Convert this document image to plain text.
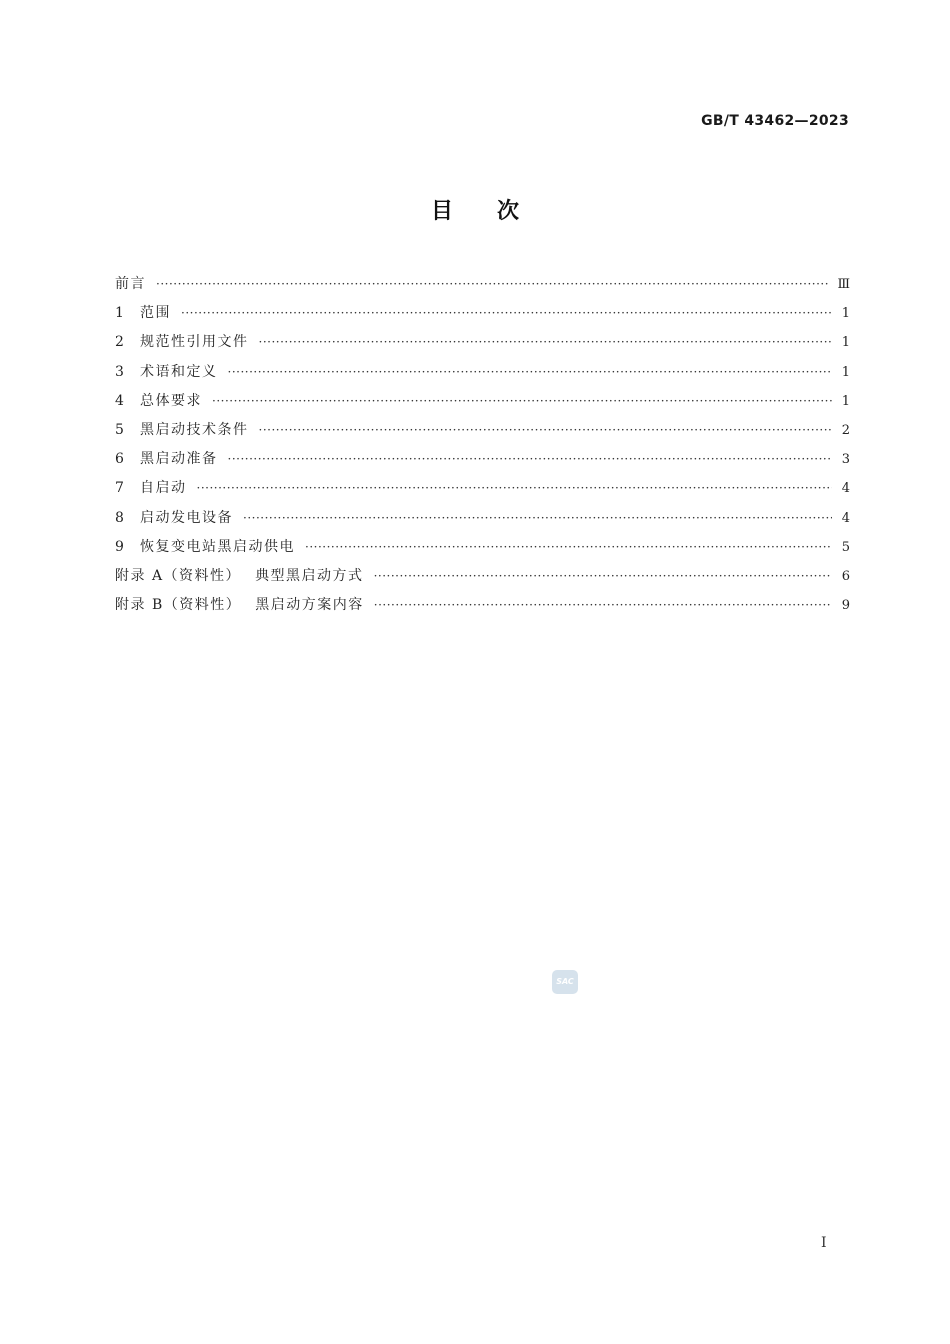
GB/T 43462—2023
目次
前言 ·····	Ⅲ
1	范围 ·····	1
2	规范性引用文件 ·····	1
3	术语和定义 ·····	1
4	总体要求 ·····	1
5	黑启动技术条件 ·····	2
6	黑启动准备 ·····	3
7	自启动 ·····	4
8	启动发电设备 ·····	4
9	恢复变电站黑启动供电 ·····	5
附录 A（资料性） 典型黑启动方式 ·····	6
附录 B（资料性） 黑启动方案内容 ·····	9
SAC
I
